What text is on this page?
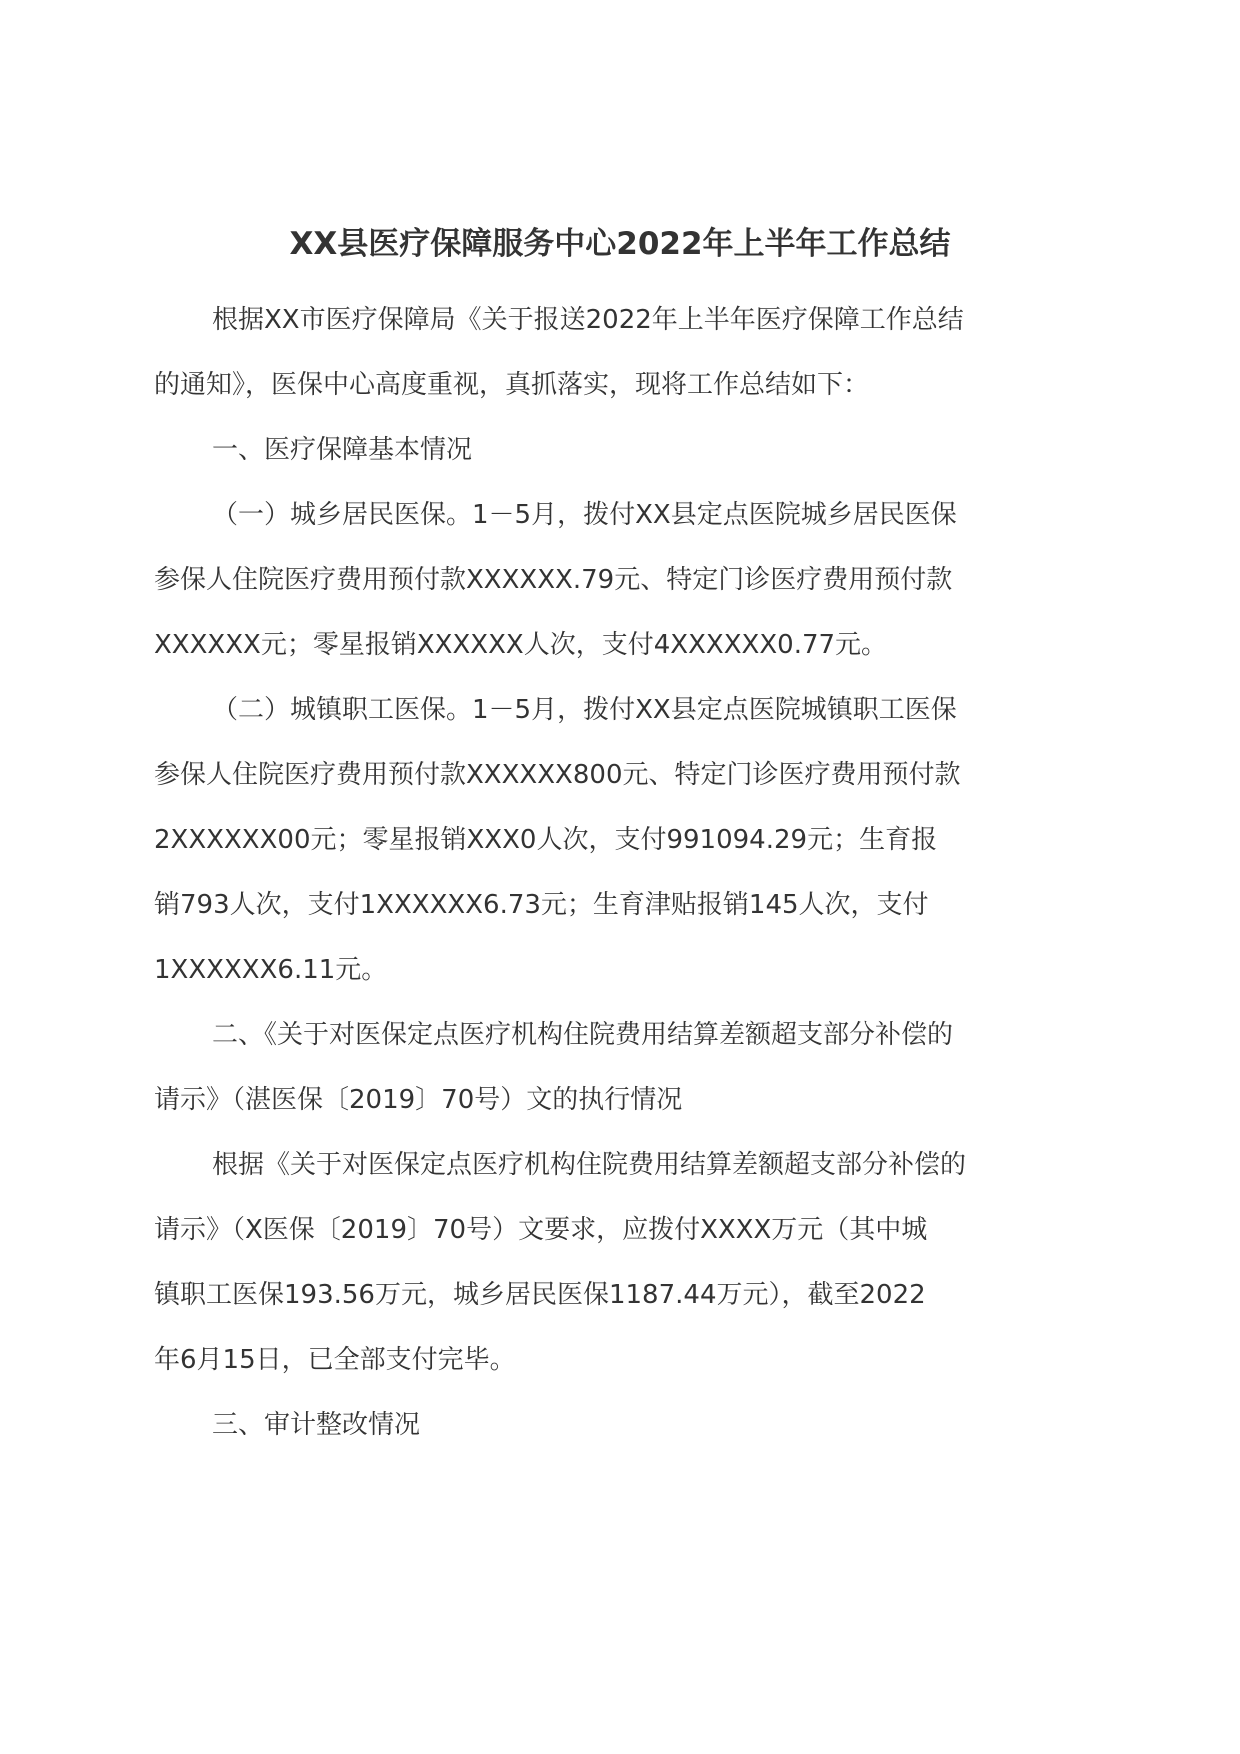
XX县医疗保障服务中心2022年上半年工作总结

根据XX市医疗保障局《关于报送2022年上半年医疗保障工作总结
的通知》，医保中心高度重视，真抓落实，现将工作总结如下：

一、医疗保障基本情况

（一）城乡居民医保。1－5月，拨付XX县定点医院城乡居民医保
参保人住院医疗费用预付款XXXXXX.79元、特定门诊医疗费用预付款
XXXXXX元；零星报销XXXXXX人次，支付4XXXXXX0.77元。

（二）城镇职工医保。1－5月，拨付XX县定点医院城镇职工医保
参保人住院医疗费用预付款XXXXXX800元、特定门诊医疗费用预付款
2XXXXXX00元；零星报销XXX0人次，支付991094.29元；生育报
销793人次，支付1XXXXXX6.73元；生育津贴报销145人次，支付
1XXXXXX6.11元。

二、《关于对医保定点医疗机构住院费用结算差额超支部分补偿的
请示》（湛医保〔2019〕70号）文的执行情况

根据《关于对医保定点医疗机构住院费用结算差额超支部分补偿的
请示》（X医保〔2019〕70号）文要求，应拨付XXXX万元（其中城
镇职工医保193.56万元，城乡居民医保1187.44万元），截至2022
年6月15日，已全部支付完毕。

三、审计整改情况
